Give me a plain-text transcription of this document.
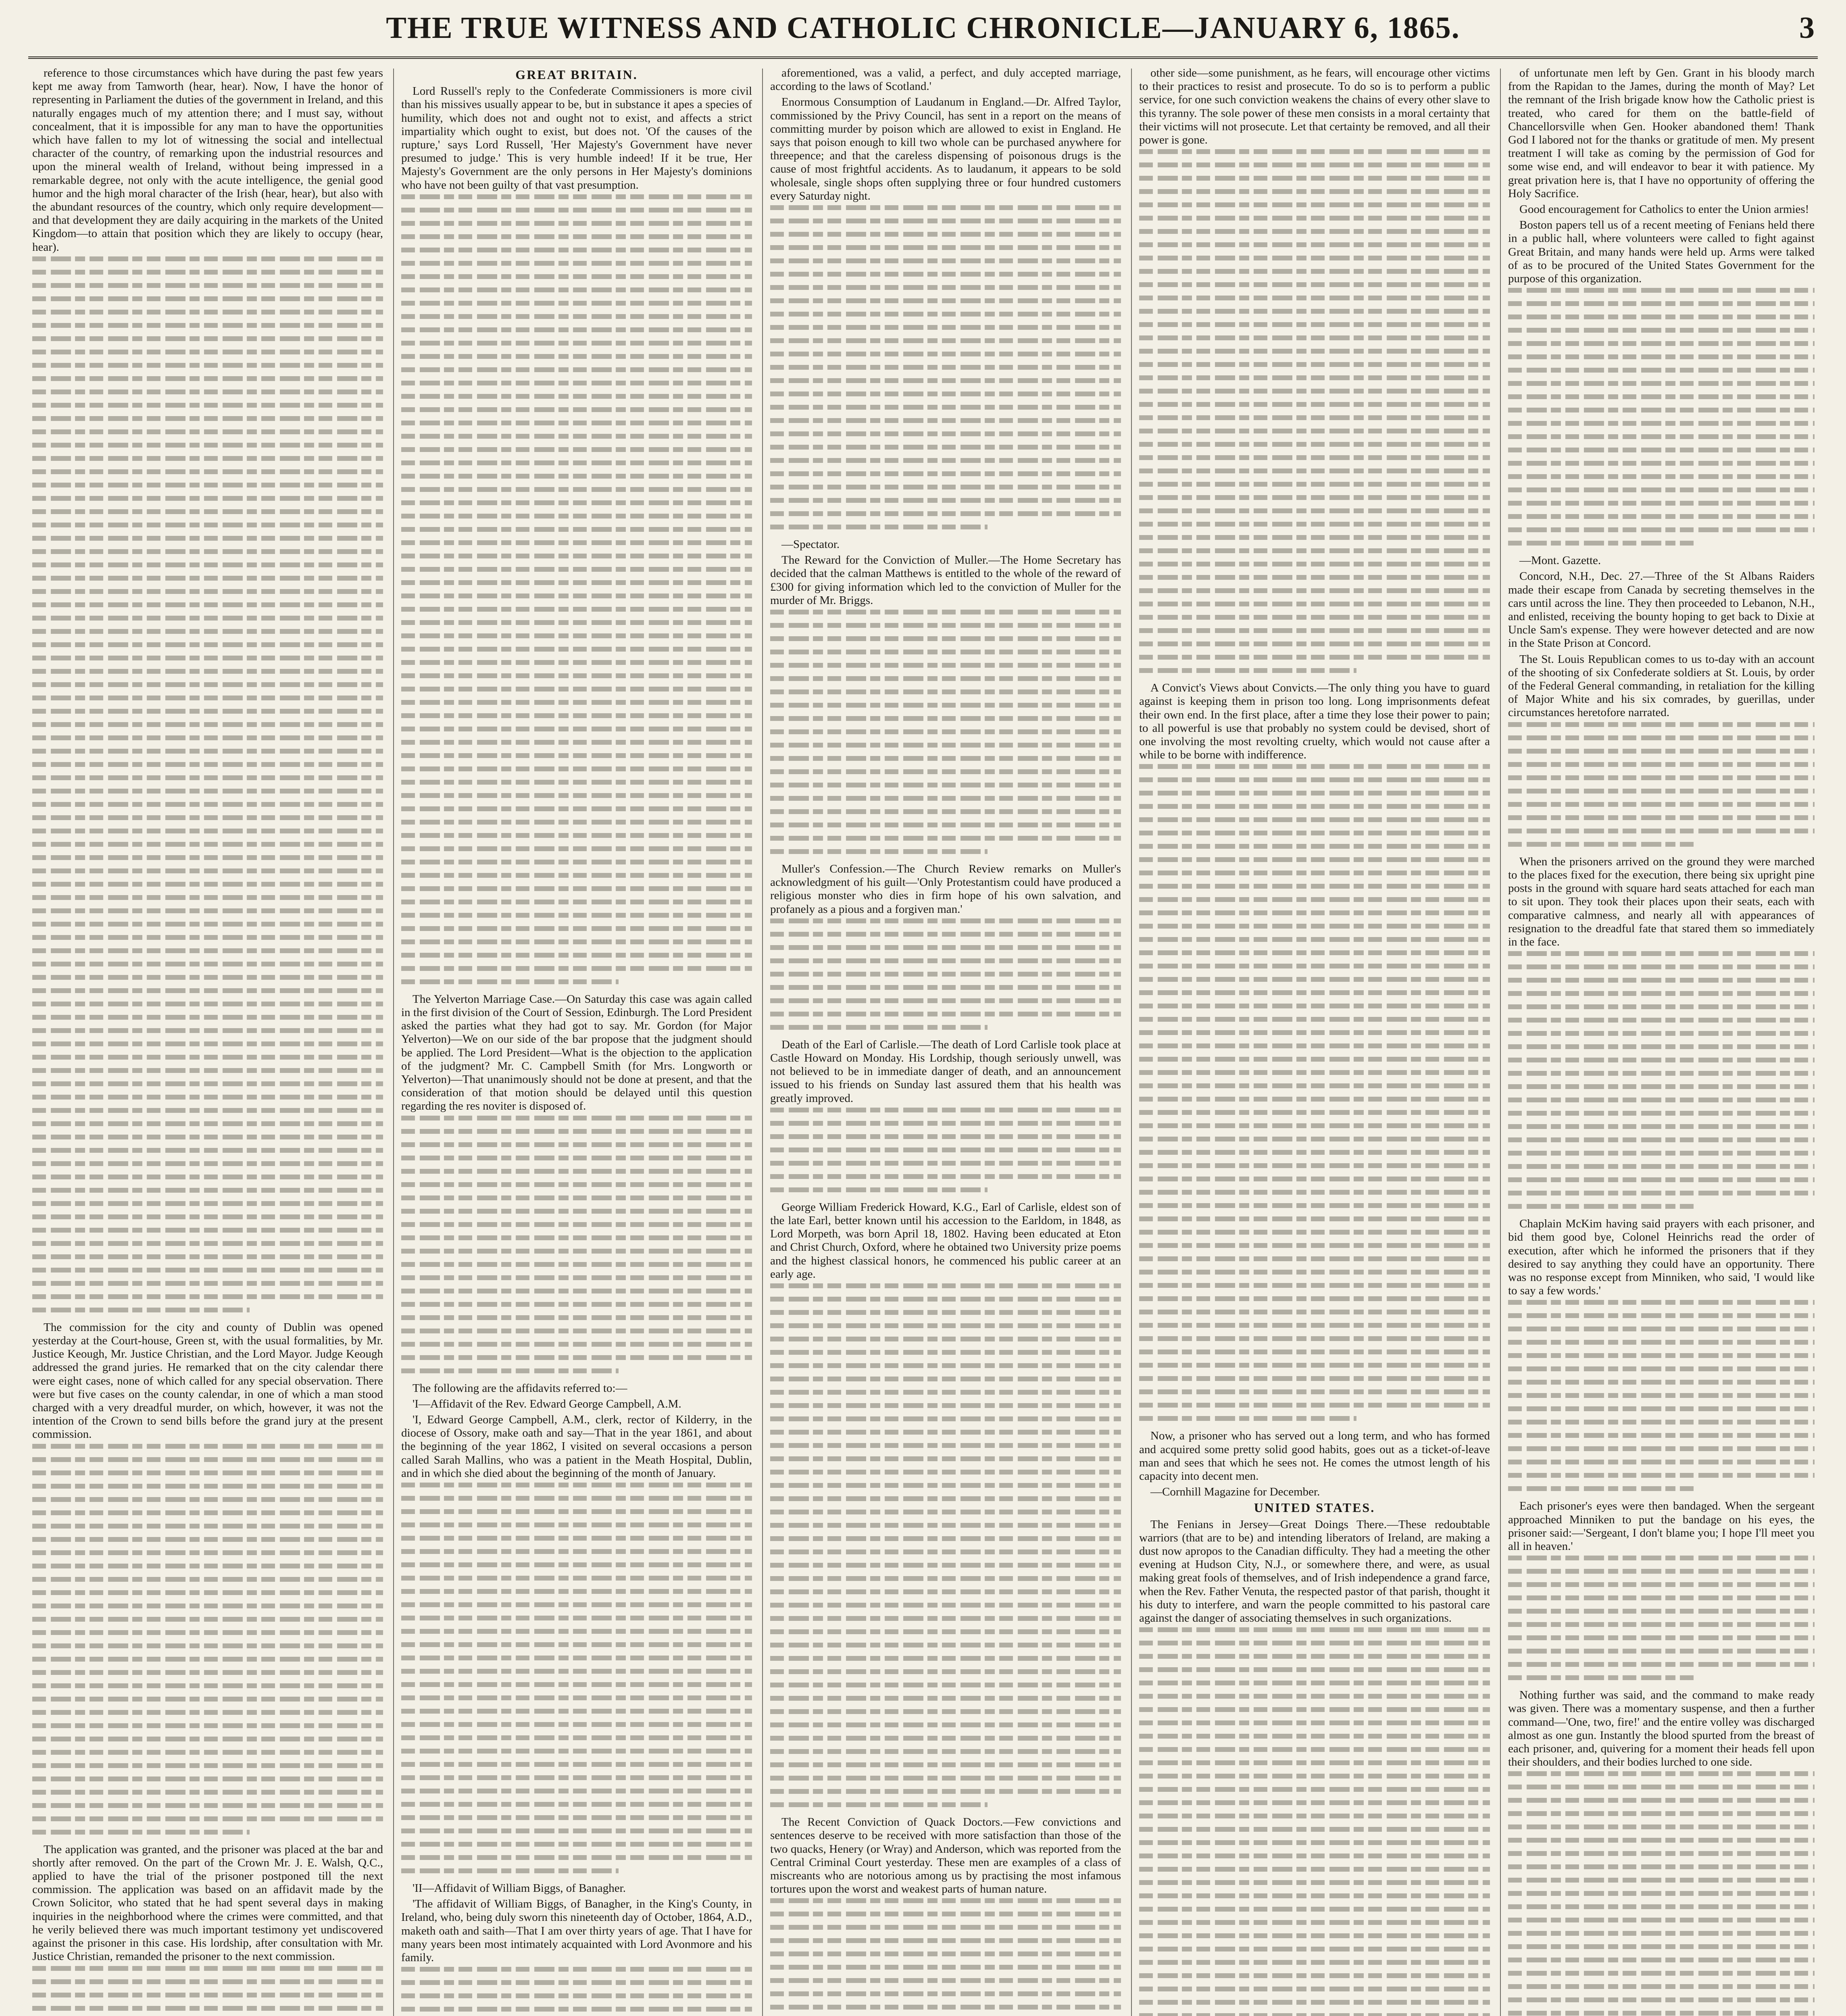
THE TRUE WITNESS AND CATHOLIC CHRONICLE—JANUARY 6, 1865.	3

reference to those circumstances which have during the past few years kept me away from Tamworth (hear, hear). Now, I have the honor of representing in Parliament the duties of the government in Ireland, and this naturally engages much of my attention there; and I must say, without concealment, that it is impossible for any man to have the opportunities which have fallen to my lot of witnessing the social and intellectual character of the country, of remarking upon the industrial resources and upon the mineral wealth of Ireland, without being impressed in a remarkable degree, not only with the acute intelligence, the genial good humor and the high moral character of the Irish (hear, hear), but also with the abundant resources of the country, which only require development—and that development they are daily acquiring in the markets of the United Kingdom—to attain that position which they are likely to occupy (hear, hear).

The commission for the city and county of Dublin was opened yesterday at the Court-house, Green st, with the usual formalities, by Mr. Justice Keough, Mr. Justice Christian, and the Lord Mayor. Judge Keough addressed the grand juries. He remarked that on the city calendar there were eight cases, none of which called for any special observation. There were but five cases on the county calendar, in one of which a man stood charged with a very dreadful murder, on which, however, it was not the intention of the Crown to send bills before the grand jury at the present commission.

The application was granted, and the prisoner was placed at the bar and shortly after removed. On the part of the Crown Mr. J. E. Walsh, Q.C., applied to have the trial of the prisoner postponed till the next commission. The application was based on an affidavit made by the Crown Solicitor, who stated that he had spent several days in making inquiries in the neighborhood where the crimes were committed, and that he verily believed there was much important testimony yet undiscovered against the prisoner in this case. His lordship, after consultation with Mr. Justice Christian, remanded the prisoner to the next commission.

GREAT BRITAIN.

Lord Russell's reply to the Confederate Commissioners is more civil than his missives usually appear to be, but in substance it apes a species of humility, which does not and ought not to exist, and affects a strict impartiality which ought to exist, but does not. 'Of the causes of the rupture,' says Lord Russell, 'Her Majesty's Government have never presumed to judge.' This is very humble indeed! If it be true, Her Majesty's Government are the only persons in Her Majesty's dominions who have not been guilty of that vast presumption.

The Yelverton Marriage Case.—On Saturday this case was again called in the first division of the Court of Session, Edinburgh. The Lord President asked the parties what they had got to say. Mr. Gordon (for Major Yelverton)—We on our side of the bar propose that the judgment should be applied. The Lord President—What is the objection to the application of the judgment? Mr. C. Campbell Smith (for Mrs. Longworth or Yelverton)—That unanimously should not be done at present, and that the consideration of that motion should be delayed until this question regarding the res noviter is disposed of.

The following are the affidavits referred to:—

'I—Affidavit of the Rev. Edward George Campbell, A.M.

'I, Edward George Campbell, A.M., clerk, rector of Kilderry, in the diocese of Ossory, make oath and say—That in the year 1861, and about the beginning of the year 1862, I visited on several occasions a person called Sarah Mallins, who was a patient in the Meath Hospital, Dublin, and in which she died about the beginning of the month of January.

'II—Affidavit of William Biggs, of Banagher.

'The affidavit of William Biggs, of Banagher, in the King's County, in Ireland, who, being duly sworn this nineteenth day of October, 1864, A.D., maketh oath and saith—That I am over thirty years of age. That I have for many years been most intimately acquainted with Lord Avonmore and his family.

aforementioned, was a valid, a perfect, and duly accepted marriage, according to the laws of Scotland.'

Enormous Consumption of Laudanum in England.—Dr. Alfred Taylor, commissioned by the Privy Council, has sent in a report on the means of committing murder by poison which are allowed to exist in England. He says that poison enough to kill two whole can be purchased anywhere for threepence; and that the careless dispensing of poisonous drugs is the cause of most frightful accidents. As to laudanum, it appears to be sold wholesale, single shops often supplying three or four hundred customers every Saturday night.

—Spectator.

The Reward for the Conviction of Muller.—The Home Secretary has decided that the calman Matthews is entitled to the whole of the reward of £300 for giving information which led to the conviction of Muller for the murder of Mr. Briggs.

Muller's Confession.—The Church Review remarks on Muller's acknowledgment of his guilt—'Only Protestantism could have produced a religious monster who dies in firm hope of his own salvation, and profanely as a pious and a forgiven man.'

Death of the Earl of Carlisle.—The death of Lord Carlisle took place at Castle Howard on Monday. His Lordship, though seriously unwell, was not believed to be in immediate danger of death, and an announcement issued to his friends on Sunday last assured them that his health was greatly improved.

George William Frederick Howard, K.G., Earl of Carlisle, eldest son of the late Earl, better known until his accession to the Earldom, in 1848, as Lord Morpeth, was born April 18, 1802. Having been educated at Eton and Christ Church, Oxford, where he obtained two University prize poems and the highest classical honors, he commenced his public career at an early age.

The Recent Conviction of Quack Doctors.—Few convictions and sentences deserve to be received with more satisfaction than those of the two quacks, Henery (or Wray) and Anderson, which was reported from the Central Criminal Court yesterday. These men are examples of a class of miscreants who are notorious among us by practising the most infamous tortures upon the worst and weakest parts of human nature.

other side—some punishment, as he fears, will encourage other victims to their practices to resist and prosecute. To do so is to perform a public service, for one such conviction weakens the chains of every other slave to this tyranny. The sole power of these men consists in a moral certainty that their victims will not prosecute. Let that certainty be removed, and all their power is gone.

A Convict's Views about Convicts.—The only thing you have to guard against is keeping them in prison too long. Long imprisonments defeat their own end. In the first place, after a time they lose their power to pain; to all powerful is use that probably no system could be devised, short of one involving the most revolting cruelty, which would not cause after a while to be borne with indifference.

Now, a prisoner who has served out a long term, and who has formed and acquired some pretty solid good habits, goes out as a ticket-of-leave man and sees that which he sees not. He comes the utmost length of his capacity into decent men.

—Cornhill Magazine for December.

UNITED STATES.

The Fenians in Jersey—Great Doings There.—These redoubtable warriors (that are to be) and intending liberators of Ireland, are making a dust now apropos to the Canadian difficulty. They had a meeting the other evening at Hudson City, N.J., or somewhere there, and were, as usual making great fools of themselves, and of Irish independence a grand farce, when the Rev. Father Venuta, the respected pastor of that parish, thought it his duty to interfere, and warn the people committed to his pastoral care against the danger of associating themselves in such organizations.

of unfortunate men left by Gen. Grant in his bloody march from the Rapidan to the James, during the month of May? Let the remnant of the Irish brigade know how the Catholic priest is treated, who cared for them on the battle-field of Chancellorsville when Gen. Hooker abandoned them! Thank God I labored not for the thanks or gratitude of men. My present treatment I will take as coming by the permission of God for some wise end, and will endeavor to bear it with patience. My great privation here is, that I have no opportunity of offering the Holy Sacrifice.

Good encouragement for Catholics to enter the Union armies!

Boston papers tell us of a recent meeting of Fenians held there in a public hall, where volunteers were called to fight against Great Britain, and many hands were held up. Arms were talked of as to be procured of the United States Government for the purpose of this organization.

—Mont. Gazette.

Concord, N.H., Dec. 27.—Three of the St Albans Raiders made their escape from Canada by secreting themselves in the cars until across the line. They then proceeded to Lebanon, N.H., and enlisted, receiving the bounty hoping to get back to Dixie at Uncle Sam's expense. They were however detected and are now in the State Prison at Concord.

The St. Louis Republican comes to us to-day with an account of the shooting of six Confederate soldiers at St. Louis, by order of the Federal General commanding, in retaliation for the killing of Major White and his six comrades, by guerillas, under circumstances heretofore narrated.

When the prisoners arrived on the ground they were marched to the places fixed for the execution, there being six upright pine posts in the ground with square hard seats attached for each man to sit upon. They took their places upon their seats, each with comparative calmness, and nearly all with appearances of resignation to the dreadful fate that stared them so immediately in the face.

Chaplain McKim having said prayers with each prisoner, and bid them good bye, Colonel Heinrichs read the order of execution, after which he informed the prisoners that if they desired to say anything they could have an opportunity. There was no response except from Minniken, who said, 'I would like to say a few words.'

Each prisoner's eyes were then bandaged. When the sergeant approached Minniken to put the bandage on his eyes, the prisoner said:—'Sergeant, I don't blame you; I hope I'll meet you all in heaven.'

Nothing further was said, and the command to make ready was given. There was a momentary suspense, and then a further command—'One, two, fire!' and the entire volley was discharged almost as one gun. Instantly the blood spurted from the breast of each prisoner, and, quivering for a moment their heads fell upon their shoulders, and their bodies lurched to one side.
